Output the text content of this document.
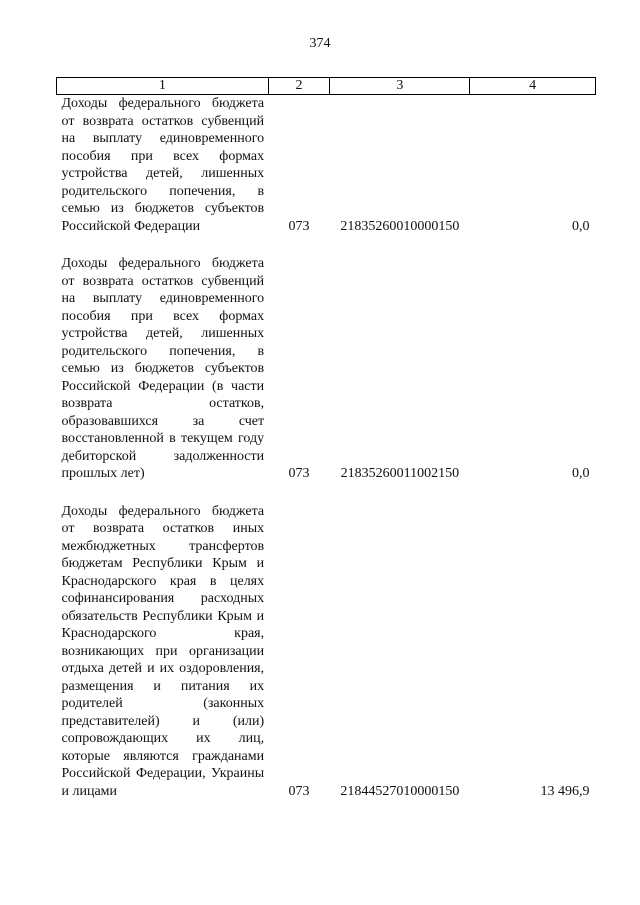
374
1	2	3	4
Доходы федерального бюджета от возврата остатков субвенций на выплату единовременного пособия при всех формах устройства детей, лишенных родительского попечения, в семью из бюджетов субъектов Российской Федерации	073	21835260010000150	0,0

Доходы федерального бюджета от возврата остатков субвенций на выплату единовременного пособия при всех формах устройства детей, лишенных родительского попечения, в семью из бюджетов субъектов Российской Федерации (в части возврата остатков, образовавшихся за счет восстановленной в текущем году дебиторской задолженности прошлых лет)	073	21835260011002150	0,0

Доходы федерального бюджета от возврата остатков иных межбюджетных трансфертов бюджетам Республики Крым и Краснодарского края в целях софинансирования расходных обязательств Республики Крым и Краснодарского края, возникающих при организации отдыха детей и их оздоровления, размещения и питания их родителей (законных представителей) и (или) сопровождающих их лиц, которые являются гражданами Российской Федерации, Украины и лицами	073	21844527010000150	13 496,9
